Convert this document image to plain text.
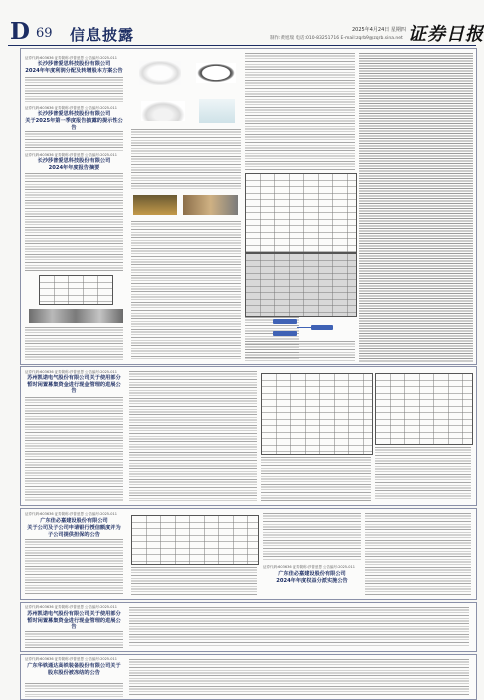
D 69 信息披露	2025年4月24日 星期四
制作:黄旭瑞 电话:010-83251716 E-mail:zqrb9@zqrb.sina.net 证券日报
证券代码:603636 证券简称:莎普爱思 公告编号:2025-011
长沙莎普爱思科技股份有限公司
2024年年度利润分配及转增股本方案公告
证券代码:603636 证券简称:莎普爱思 公告编号:2025-011
长沙莎普爱思科技股份有限公司
关于2025年第一季度报告披露的提示性公告
证券代码:603636 证券简称:莎普爱思 公告编号:2025-011
长沙莎普爱思科技股份有限公司
2024年年度报告摘要
证券代码:603636 证券简称:莎普爱思 公告编号:2025-011
苏州凯诺电气股份有限公司关于使用部分暂时闲置募集资金进行现金管理的进展公告
证券代码:603636 证券简称:莎普爱思 公告编号:2025-011
广东佳必嘉建设股份有限公司
关于公司及子公司申请银行授信额度并为子公司提供担保的公告
证券代码:603636 证券简称:莎普爱思 公告编号:2025-011
广东佳必嘉建设股份有限公司
2024年年度权益分派实施公告
证券代码:603636 证券简称:莎普爱思 公告编号:2025-011
苏州凯诺电气股份有限公司关于使用部分暂时闲置募集资金进行现金管理的进展公告
证券代码:603636 证券简称:莎普爱思 公告编号:2025-011
广东华铁通达高铁装备股份有限公司关于股东股份被冻结的公告
